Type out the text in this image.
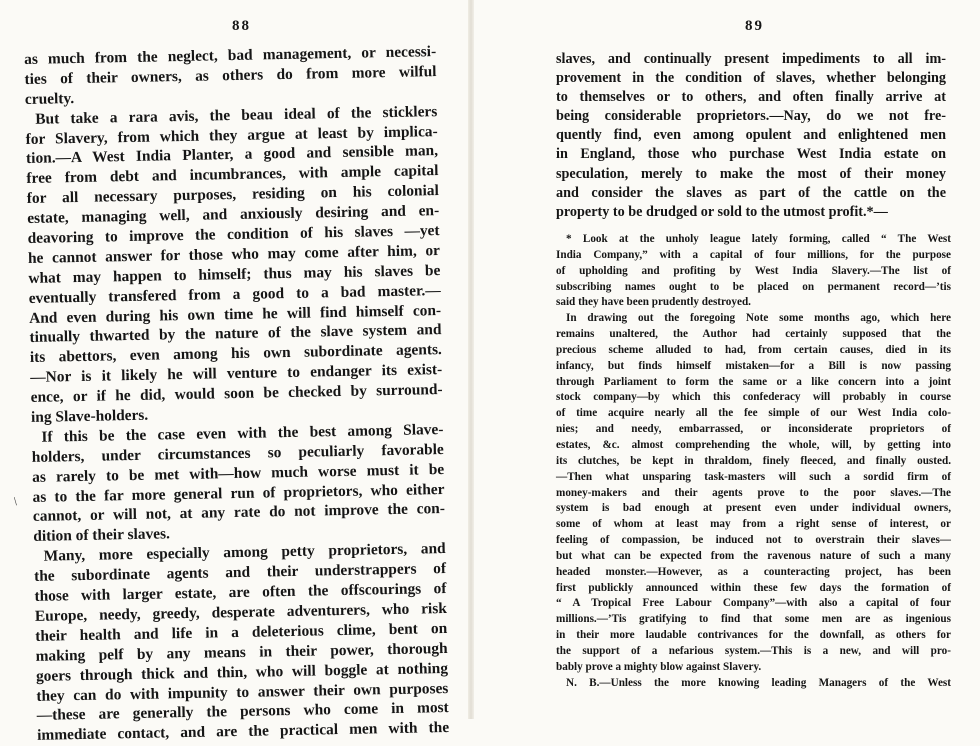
88
as much from the neglect, bad management, or necessi-
ties of their owners, as others do from more wilful
cruelty.
But take a rara avis, the beau ideal of the sticklers
for Slavery, from which they argue at least by implica-
tion.—A West India Planter, a good and sensible man,
free from debt and incumbrances, with ample capital
for all necessary purposes, residing on his colonial
estate, managing well, and anxiously desiring and en-
deavoring to improve the condition of his slaves —yet
he cannot answer for those who may come after him, or
what may happen to himself; thus may his slaves be
eventually transfered from a good to a bad master.—
And even during his own time he will find himself con-
tinually thwarted by the nature of the slave system and
its abettors, even among his own subordinate agents.
—Nor is it likely he will venture to endanger its exist-
ence, or if he did, would soon be checked by surround-
ing Slave-holders.
If this be the case even with the best among Slave-
holders, under circumstances so peculiarly favorable
as rarely to be met with—how much worse must it be
as to the far more general run of proprietors, who either
cannot, or will not, at any rate do not improve the con-
dition of their slaves.
Many, more especially among petty proprietors, and
the subordinate agents and their understrappers of
those with larger estate, are often the offscourings of
Europe, needy, greedy, desperate adventurers, who risk
their health and life in a deleterious clime, bent on
making pelf by any means in their power, thorough
goers through thick and thin, who will boggle at nothing
they can do with impunity to answer their own purposes
—these are generally the persons who come in most
immediate contact, and are the practical men with the
/
89
slaves, and continually present impediments to all im-
provement in the condition of slaves, whether belonging
to themselves or to others, and often finally arrive at
being considerable proprietors.—Nay, do we not fre-
quently find, even among opulent and enlightened men
in England, those who purchase West India estate on
speculation, merely to make the most of their money
and consider the slaves as part of the cattle on the
property to be drudged or sold to the utmost profit.*—
* Look at the unholy league lately forming, called “ The West
India Company,” with a capital of four millions, for the purpose
of upholding and profiting by West India Slavery.—The list of
subscribing names ought to be placed on permanent record—’tis
said they have been prudently destroyed.
In drawing out the foregoing Note some months ago, which here
remains unaltered, the Author had certainly supposed that the
precious scheme alluded to had, from certain causes, died in its
infancy, but finds himself mistaken—for a Bill is now passing
through Parliament to form the same or a like concern into a joint
stock company—by which this confederacy will probably in course
of time acquire nearly all the fee simple of our West India colo-
nies; and needy, embarrassed, or inconsiderate proprietors of
estates, &c. almost comprehending the whole, will, by getting into
its clutches, be kept in thraldom, finely fleeced, and finally ousted.
—Then what unsparing task-masters will such a sordid firm of
money-makers and their agents prove to the poor slaves.—The
system is bad enough at present even under individual owners,
some of whom at least may from a right sense of interest, or
feeling of compassion, be induced not to overstrain their slaves—
but what can be expected from the ravenous nature of such a many
headed monster.—However, as a counteracting project, has been
first publickly announced within these few days the formation of
“ A Tropical Free Labour Company”—with also a capital of four
millions.—’Tis gratifying to find that some men are as ingenious
in their more laudable contrivances for the downfall, as others for
the support of a nefarious system.—This is a new, and will pro-
bably prove a mighty blow against Slavery.
N. B.—Unless the more knowing leading Managers of the West
